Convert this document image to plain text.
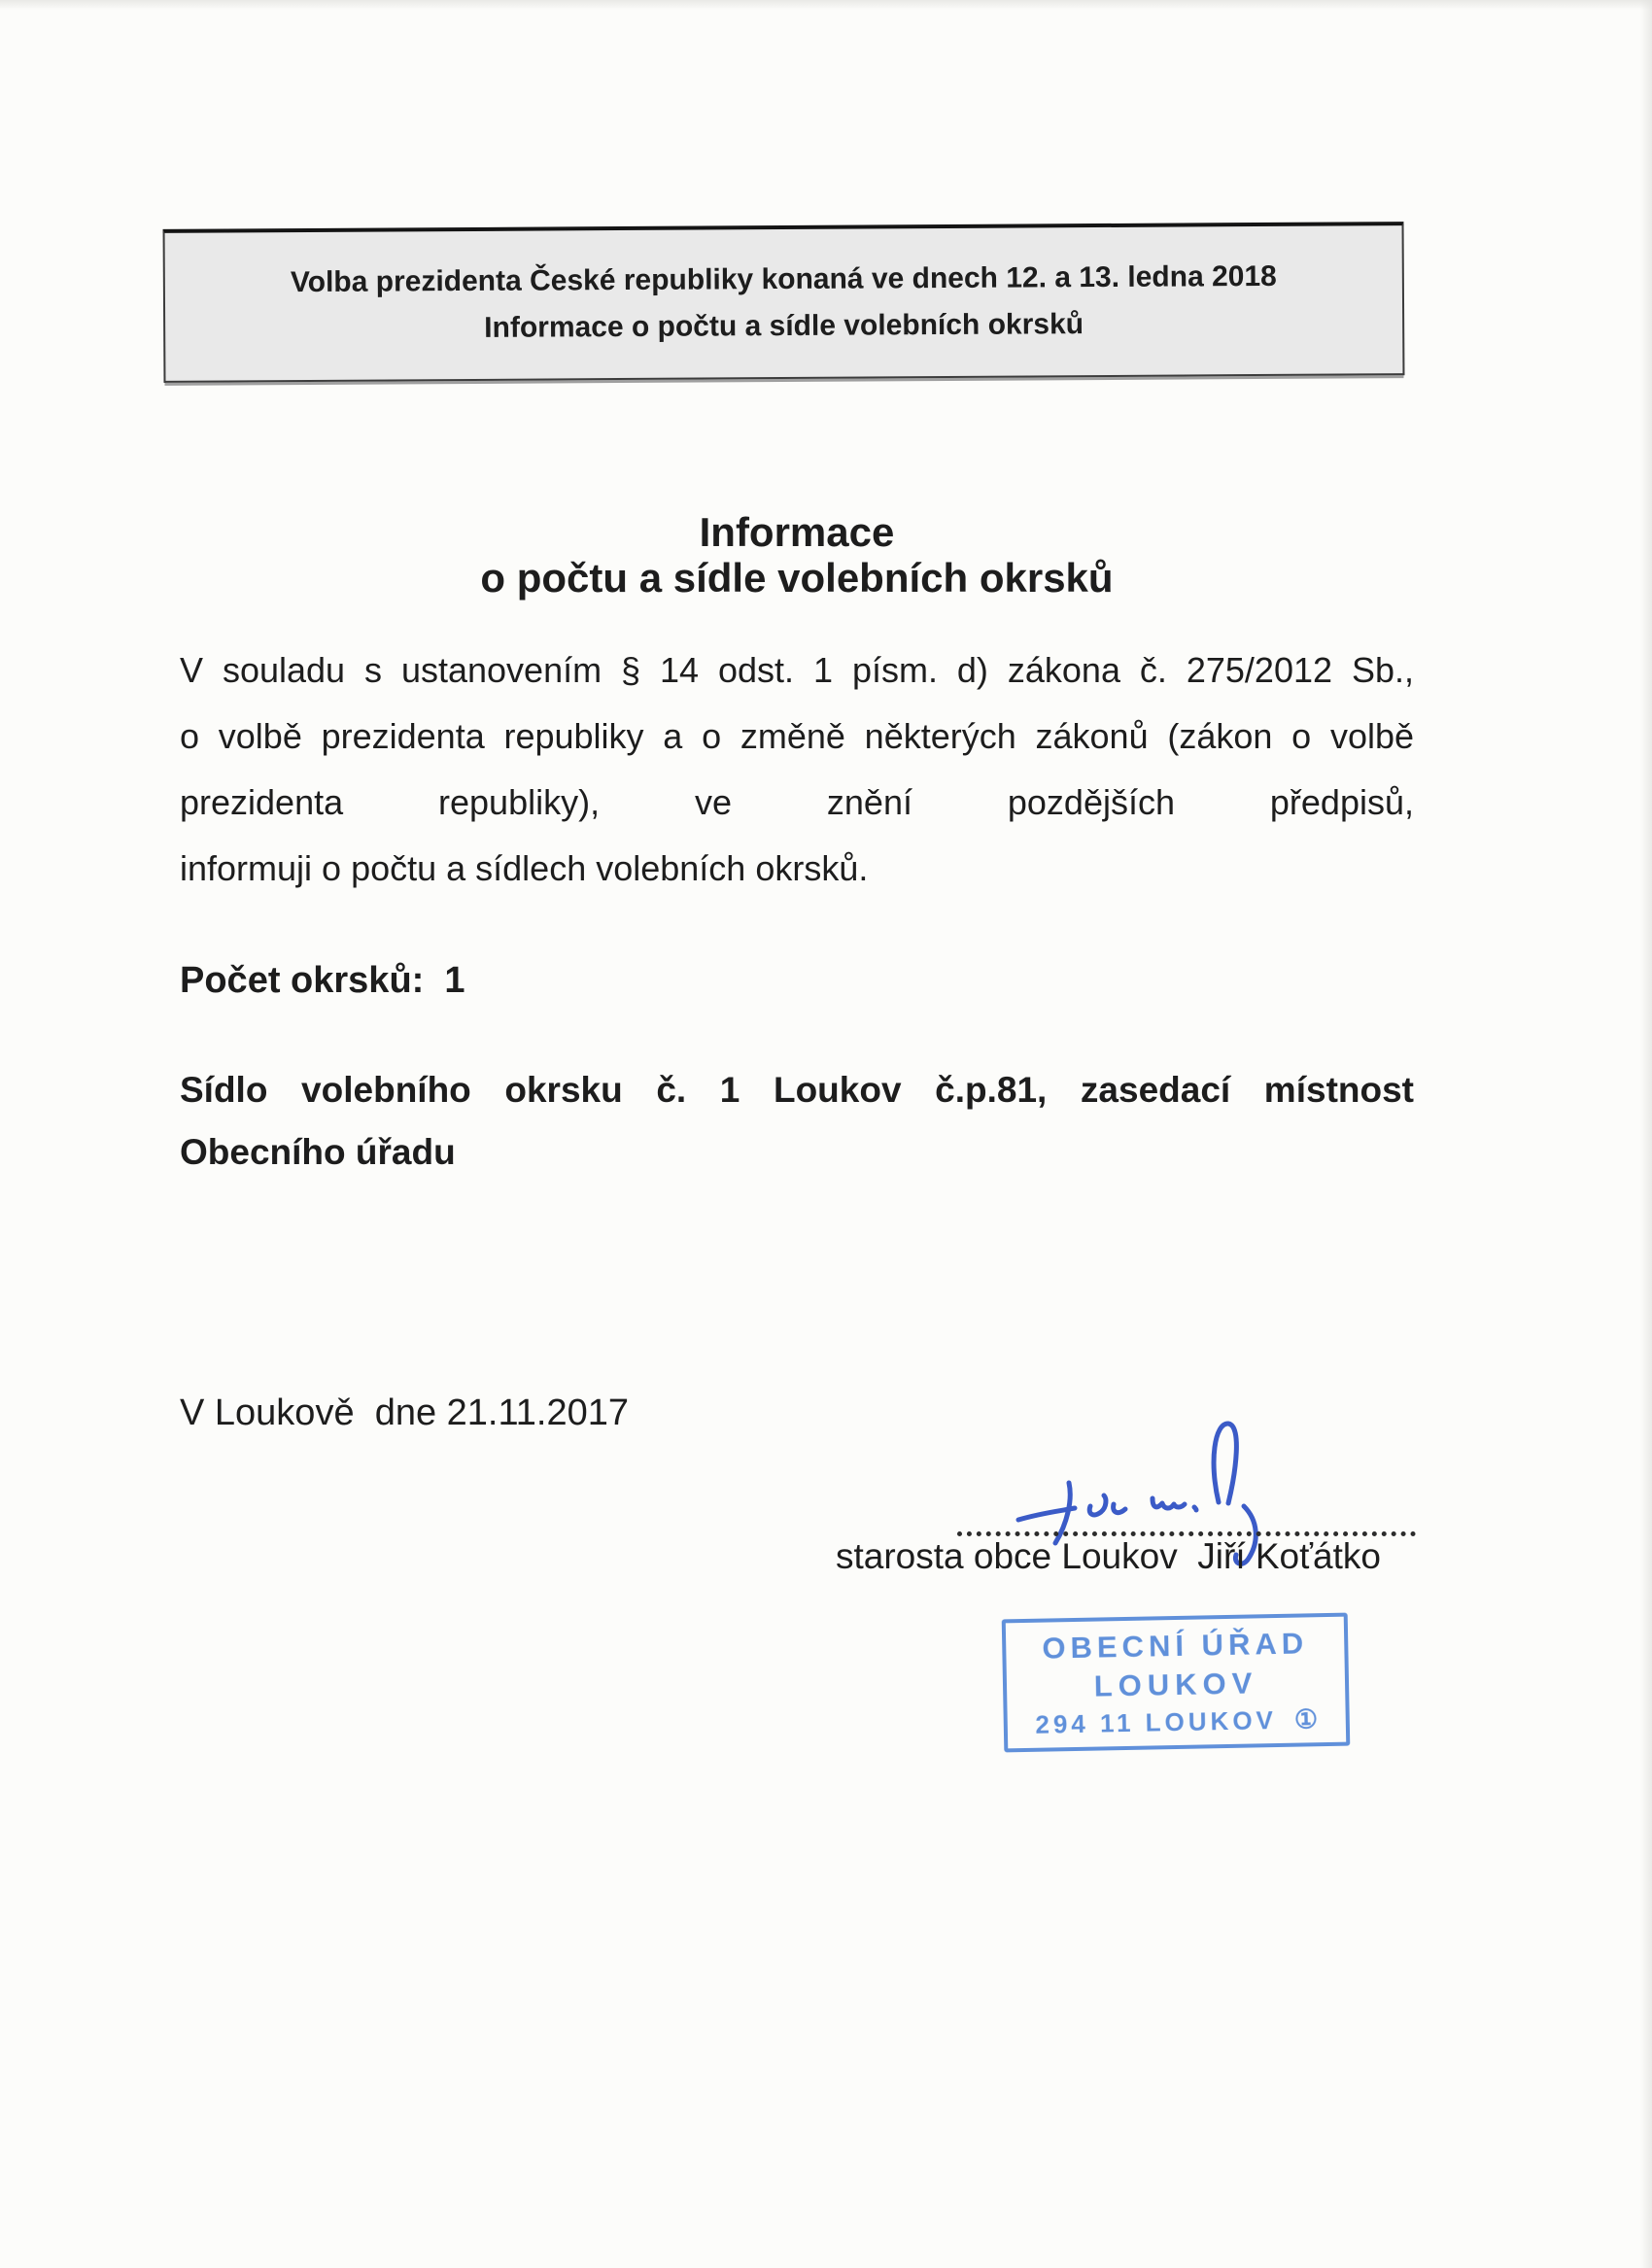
Volba prezidenta České republiky konaná ve dnech 12. a 13. ledna 2018
Informace o počtu a sídle volebních okrsků
Informace
o počtu a sídle volebních okrsků
V souladu s ustanovením § 14 odst. 1 písm. d) zákona č. 275/2012 Sb.,
o volbě prezidenta republiky a o změně některých zákonů (zákon o volbě
prezidenta republiky), ve znění pozdějších předpisů,
informuji o počtu a sídlech volebních okrsků.
Počet okrsků:  1
Sídlo volebního okrsku č. 1 Loukov č.p.81, zasedací místnost
Obecního úřadu
V Loukově  dne 21.11.2017
starosta obce Loukov  Jiří Koťátko
OBECNÍ ÚŘAD
LOUKOV
294 11 LOUKOV ①
